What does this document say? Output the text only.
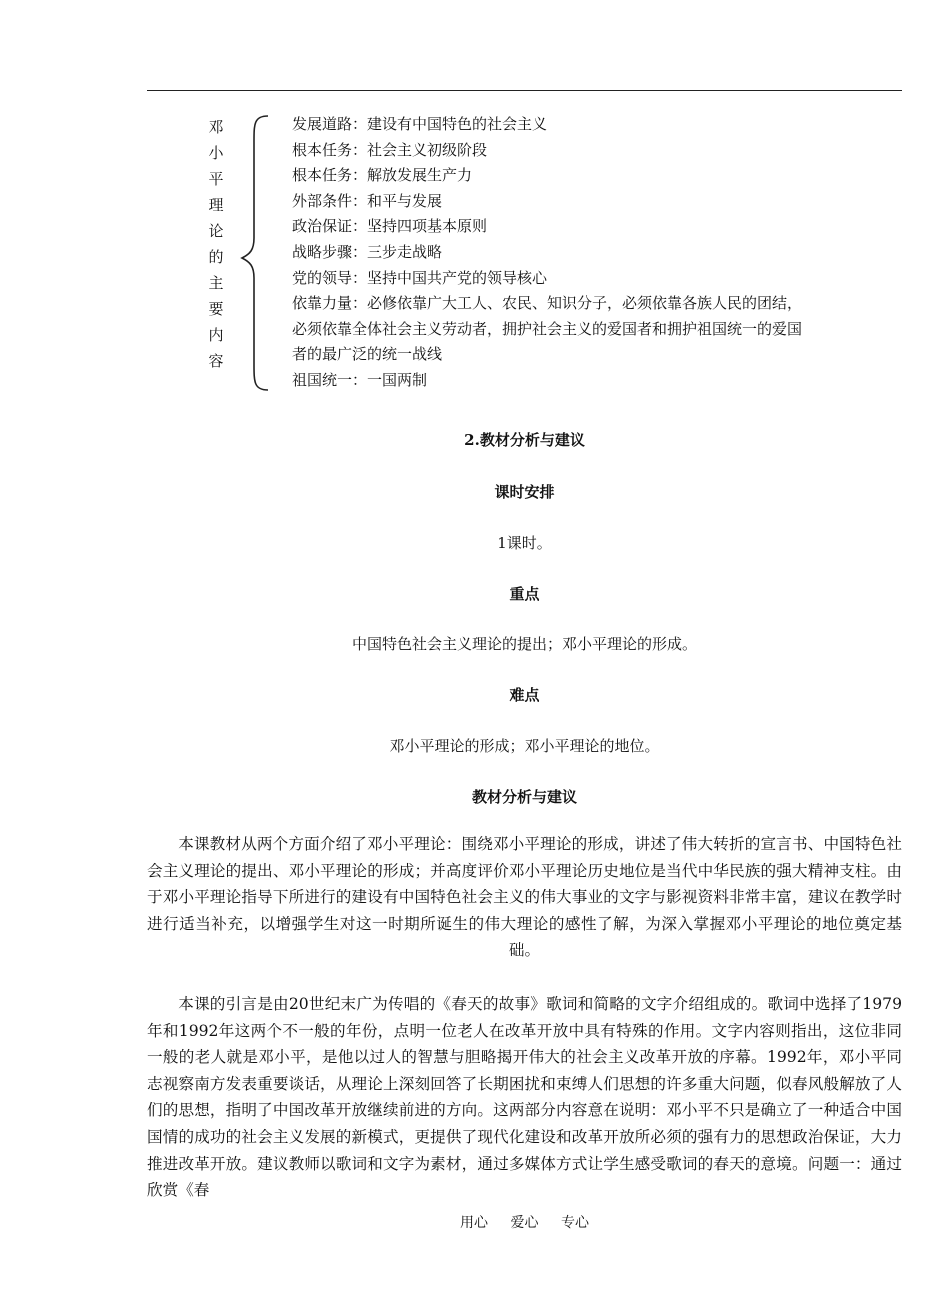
邓
小
平
理
论
的
主
要
内
容
发展道路：建设有中国特色的社会主义
根本任务：社会主义初级阶段
根本任务：解放发展生产力
外部条件：和平与发展
政治保证：坚持四项基本原则
战略步骤：三步走战略
党的领导：坚持中国共产党的领导核心
依靠力量：必修依靠广大工人、农民、知识分子，必须依靠各族人民的团结，
必须依靠全体社会主义劳动者，拥护社会主义的爱国者和拥护祖国统一的爱国
者的最广泛的统一战线
祖国统一：一国两制
2.教材分析与建议
课时安排
1课时。
重点
中国特色社会主义理论的提出；邓小平理论的形成。
难点
邓小平理论的形成；邓小平理论的地位。
教材分析与建议

本课教材从两个方面介绍了邓小平理论：围绕邓小平理论的形成，讲述了伟大转折的宣言书、中国特色社会主义理论的提出、邓小平理论的形成；并高度评价邓小平理论历史地位是当代中华民族的强大精神支柱。由于邓小平理论指导下所进行的建设有中国特色社会主义的伟大事业的文字与影视资料非常丰富，建议在教学时进行适当补充，以增强学生对这一时期所诞生的伟大理论的感性了解，为深入掌握邓小平理论的地位奠定基础。

本课的引言是由20世纪末广为传唱的《春天的故事》歌词和简略的文字介绍组成的。歌词中选择了1979年和1992年这两个不一般的年份，点明一位老人在改革开放中具有特殊的作用。文字内容则指出，这位非同一般的老人就是邓小平，是他以过人的智慧与胆略揭开伟大的社会主义改革开放的序幕。1992年，邓小平同志视察南方发表重要谈话，从理论上深刻回答了长期困扰和束缚人们思想的许多重大问题，似春风般解放了人们的思想，指明了中国改革开放继续前进的方向。这两部分内容意在说明：邓小平不只是确立了一种适合中国国情的成功的社会主义发展的新模式，更提供了现代化建设和改革开放所必须的强有力的思想政治保证，大力推进改革开放。建议教师以歌词和文字为素材，通过多媒体方式让学生感受歌词的春天的意境。问题一：通过欣赏《春

用心 爱心 专心
